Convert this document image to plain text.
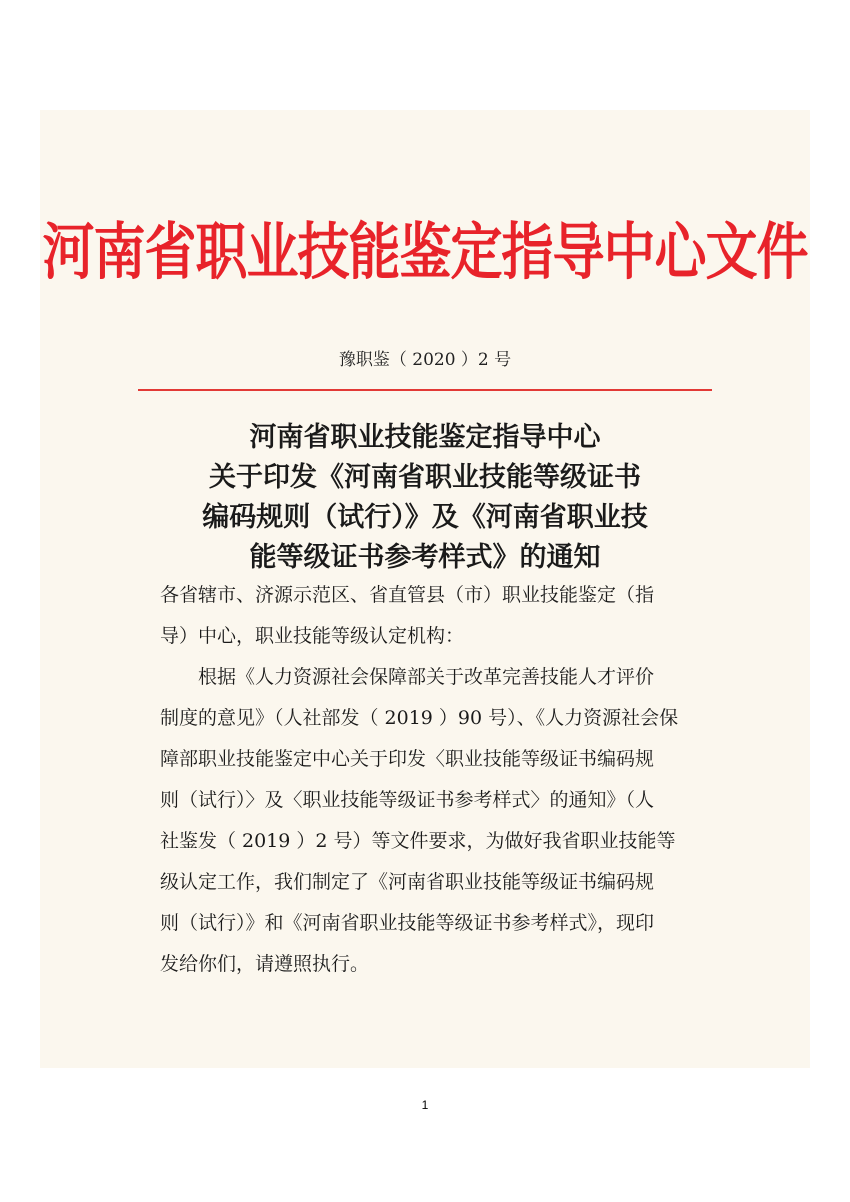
河南省职业技能鉴定指导中心文件
豫职鉴（ 2020 ）2 号
河南省职业技能鉴定指导中心
关于印发《河南省职业技能等级证书
编码规则（试行）》及《河南省职业技
能等级证书参考样式》的通知
各省辖市、济源示范区、省直管县（市）职业技能鉴定（指
导）中心，职业技能等级认定机构：
根据《人力资源社会保障部关于改革完善技能人才评价
制度的意见》（人社部发（ 2019 ）90 号）、《人力资源社会保
障部职业技能鉴定中心关于印发〈职业技能等级证书编码规
则（试行）〉及〈职业技能等级证书参考样式〉的通知》（人
社鉴发（ 2019 ）2 号）等文件要求，为做好我省职业技能等
级认定工作，我们制定了《河南省职业技能等级证书编码规
则（试行）》和《河南省职业技能等级证书参考样式》，现印
发给你们，请遵照执行。
1
